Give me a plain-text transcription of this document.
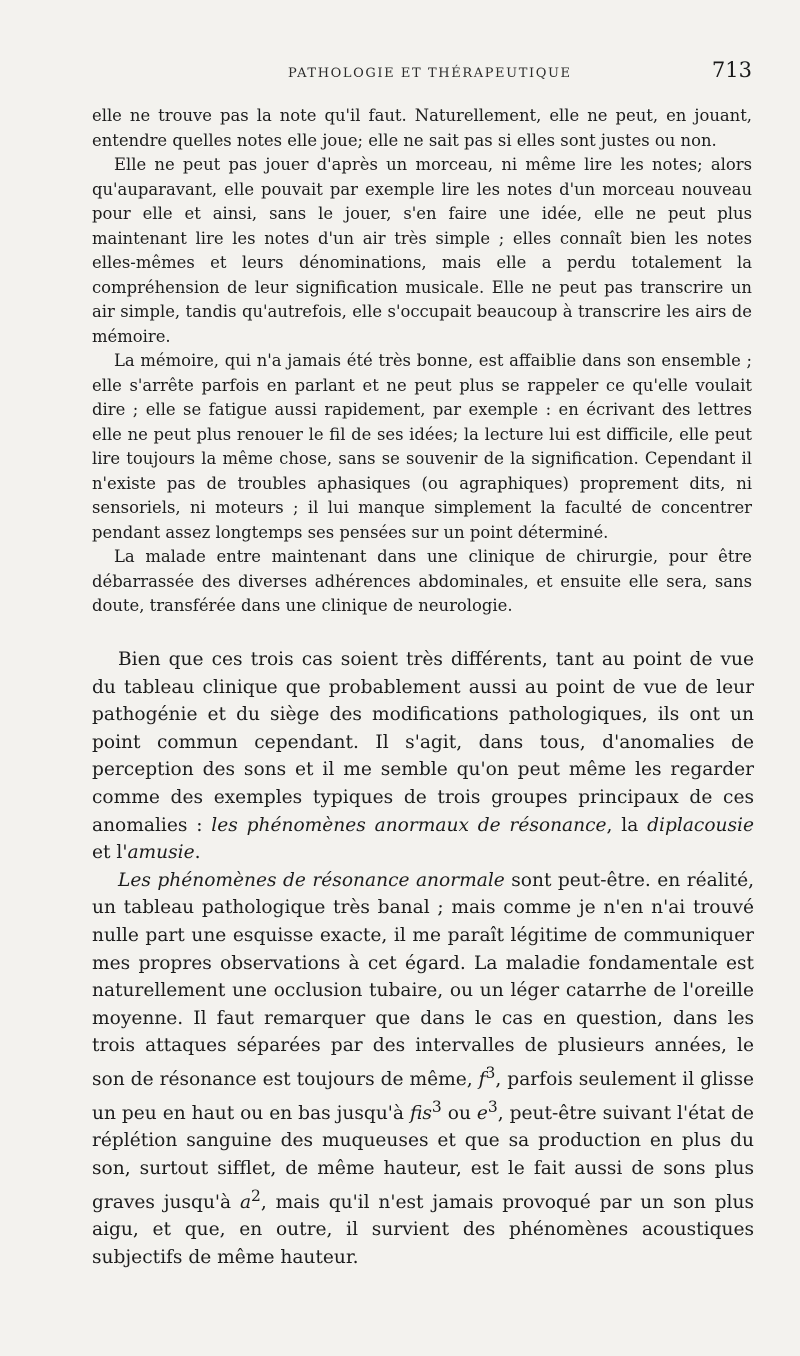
PATHOLOGIE ET THÉRAPEUTIQUE	713

elle ne trouve pas la note qu'il faut. Naturellement, elle ne peut, en jouant, entendre quelles notes elle joue; elle ne sait pas si elles sont justes ou non.

Elle ne peut pas jouer d'après un morceau, ni même lire les notes; alors qu'auparavant, elle pouvait par exemple lire les notes d'un morceau nouveau pour elle et ainsi, sans le jouer, s'en faire une idée, elle ne peut plus maintenant lire les notes d'un air très simple ; elles connaît bien les notes elles-mêmes et leurs dénominations, mais elle a perdu totalement la compréhension de leur signification musicale. Elle ne peut pas transcrire un air simple, tandis qu'autrefois, elle s'occupait beaucoup à transcrire les airs de mémoire.

La mémoire, qui n'a jamais été très bonne, est affaiblie dans son ensemble ; elle s'arrête parfois en parlant et ne peut plus se rappeler ce qu'elle voulait dire ; elle se fatigue aussi rapidement, par exemple : en écrivant des lettres elle ne peut plus renouer le fil de ses idées; la lecture lui est difficile, elle peut lire toujours la même chose, sans se souvenir de la signification. Cependant il n'existe pas de troubles aphasiques (ou agraphiques) proprement dits, ni sensoriels, ni moteurs ; il lui manque simplement la faculté de concentrer pendant assez longtemps ses pensées sur un point déterminé.

La malade entre maintenant dans une clinique de chirurgie, pour être débarrassée des diverses adhérences abdominales, et ensuite elle sera, sans doute, transférée dans une clinique de neurologie.

Bien que ces trois cas soient très différents, tant au point de vue du tableau clinique que probablement aussi au point de vue de leur pathogénie et du siège des modifications pathologiques, ils ont un point commun cependant. Il s'agit, dans tous, d'anomalies de perception des sons et il me semble qu'on peut même les regarder comme des exemples typiques de trois groupes principaux de ces anomalies : les phénomènes anormaux de résonance, la diplacousie et l'amusie.

Les phénomènes de résonance anormale sont peut-être. en réalité, un tableau pathologique très banal ; mais comme je n'en n'ai trouvé nulle part une esquisse exacte, il me paraît légitime de communiquer mes propres observations à cet égard. La maladie fondamentale est naturellement une occlusion tubaire, ou un léger catarrhe de l'oreille moyenne. Il faut remarquer que dans le cas en question, dans les trois attaques séparées par des intervalles de plusieurs années, le son de résonance est toujours de même, $f^3$, parfois seulement il glisse un peu en haut ou en bas jusqu'à fis$^3$ ou $e^3$, peut-être suivant l'état de réplétion sanguine des muqueuses et que sa production en plus du son, surtout sifflet, de même hauteur, est le fait aussi de sons plus graves jusqu'à $a^2$, mais qu'il n'est jamais provoqué par un son plus aigu, et que, en outre, il survient des phénomènes acoustiques subjectifs de même hauteur.
